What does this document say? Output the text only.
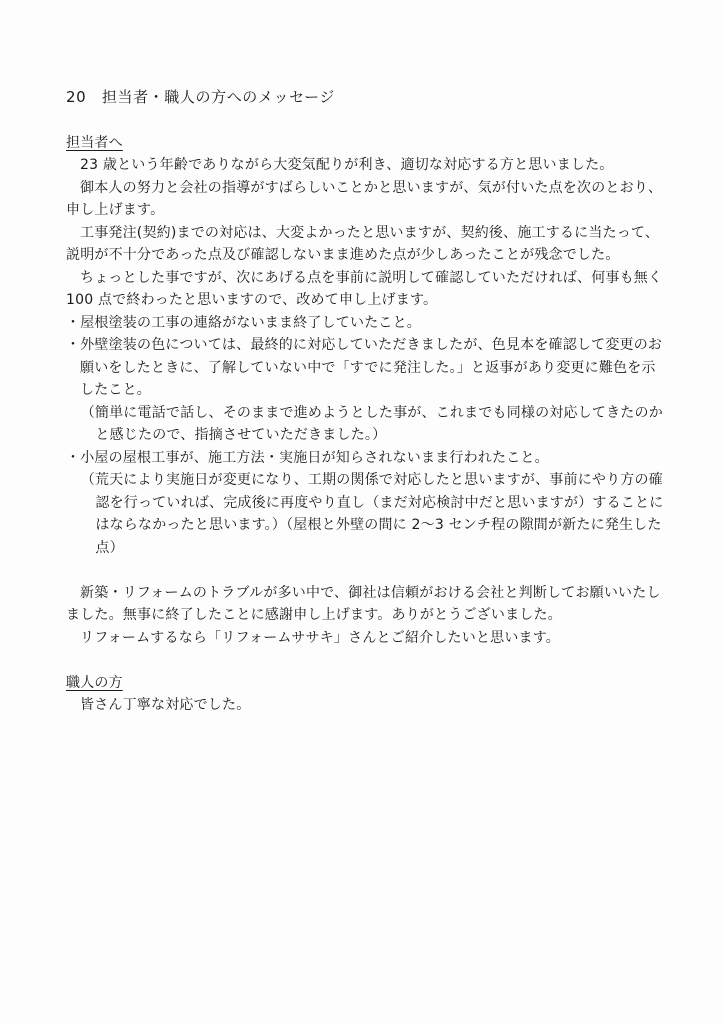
20　担当者・職人の方へのメッセージ

担当者へ

23 歳という年齢でありながら大変気配りが利き、適切な対応する方と思いました。

御本人の努力と会社の指導がすばらしいことかと思いますが、気が付いた点を次のとおり、申し上げます。

工事発注(契約)までの対応は、大変よかったと思いますが、契約後、施工するに当たって、説明が不十分であった点及び確認しないまま進めた点が少しあったことが残念でした。

ちょっとした事ですが、次にあげる点を事前に説明して確認していただければ、何事も無く 100 点で終わったと思いますので、改めて申し上げます。

・屋根塗装の工事の連絡がないまま終了していたこと。

・外壁塗装の色については、最終的に対応していただきましたが、色見本を確認して変更のお願いをしたときに、了解していない中で「すでに発注した。」と返事があり変更に難色を示したこと。

（簡単に電話で話し、そのままで進めようとした事が、これまでも同様の対応してきたのかと感じたので、指摘させていただきました。）

・小屋の屋根工事が、施工方法・実施日が知らされないまま行われたこと。

（荒天により実施日が変更になり、工期の関係で対応したと思いますが、事前にやり方の確認を行っていれば、完成後に再度やり直し（まだ対応検討中だと思いますが）することにはならなかったと思います。）（屋根と外壁の間に 2～3 センチ程の隙間が新たに発生した点）

新築・リフォームのトラブルが多い中で、御社は信頼がおける会社と判断してお願いいたしました。無事に終了したことに感謝申し上げます。ありがとうございました。

リフォームするなら「リフォームササキ」さんとご紹介したいと思います。

職人の方

皆さん丁寧な対応でした。
